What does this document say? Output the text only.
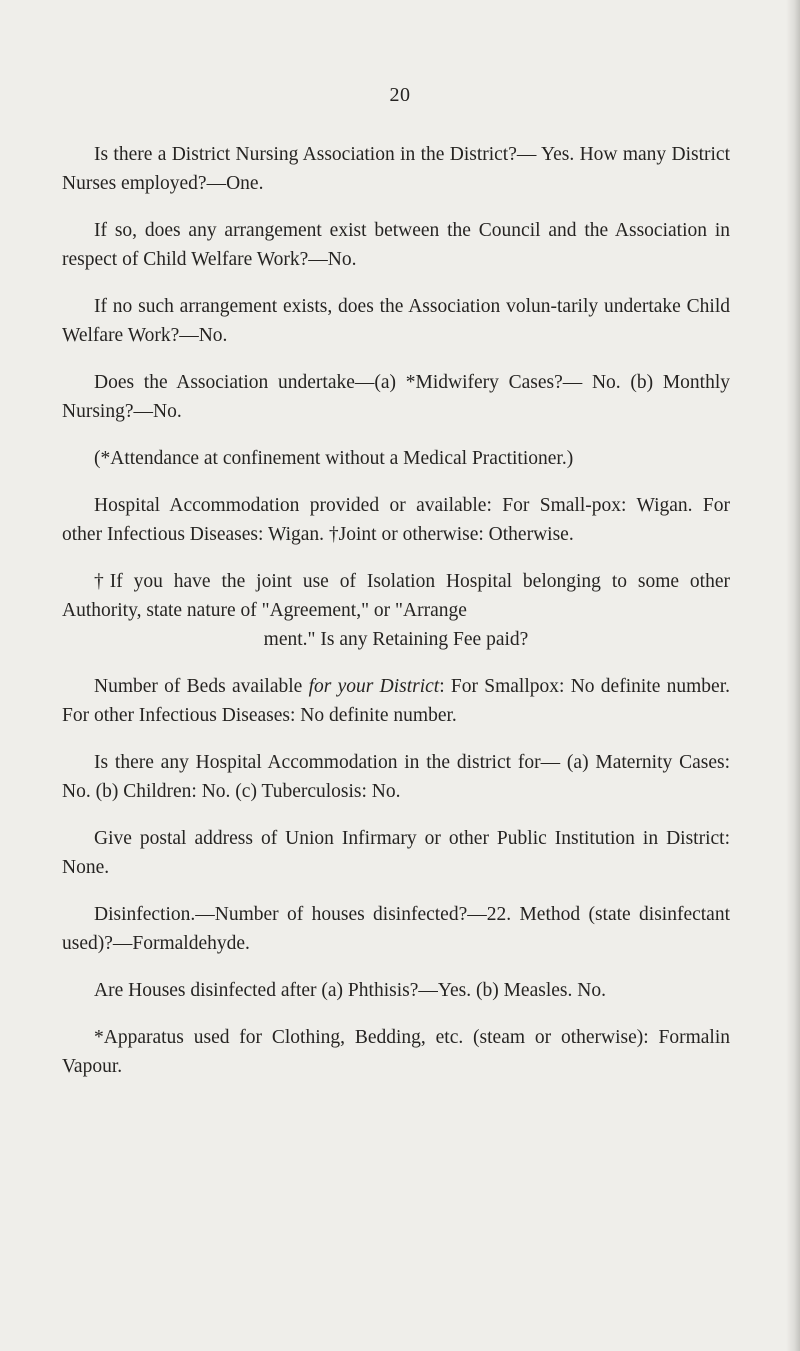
20

Is there a District Nursing Association in the District?— Yes. How many District Nurses employed?—One.

If so, does any arrangement exist between the Council and the Association in respect of Child Welfare Work?—No.

If no such arrangement exists, does the Association volun-tarily undertake Child Welfare Work?—No.

Does the Association undertake—(a) *Midwifery Cases?— No. (b) Monthly Nursing?—No.

(*Attendance at confinement without a Medical Practitioner.)

Hospital Accommodation provided or available: For Small-pox: Wigan. For other Infectious Diseases: Wigan. †Joint or otherwise: Otherwise.

†If you have the joint use of Isolation Hospital belonging to some other Authority, state nature of "Agreement," or "Arrange
ment." Is any Retaining Fee paid?

Number of Beds available for your District: For Smallpox: No definite number. For other Infectious Diseases: No definite number.

Is there any Hospital Accommodation in the district for— (a) Maternity Cases: No. (b) Children: No. (c) Tuberculosis: No.

Give postal address of Union Infirmary or other Public Institution in District: None.

Disinfection.—Number of houses disinfected?—22. Method (state disinfectant used)?—Formaldehyde.

Are Houses disinfected after (a) Phthisis?—Yes. (b) Measles. No.

*Apparatus used for Clothing, Bedding, etc. (steam or otherwise): Formalin Vapour.
